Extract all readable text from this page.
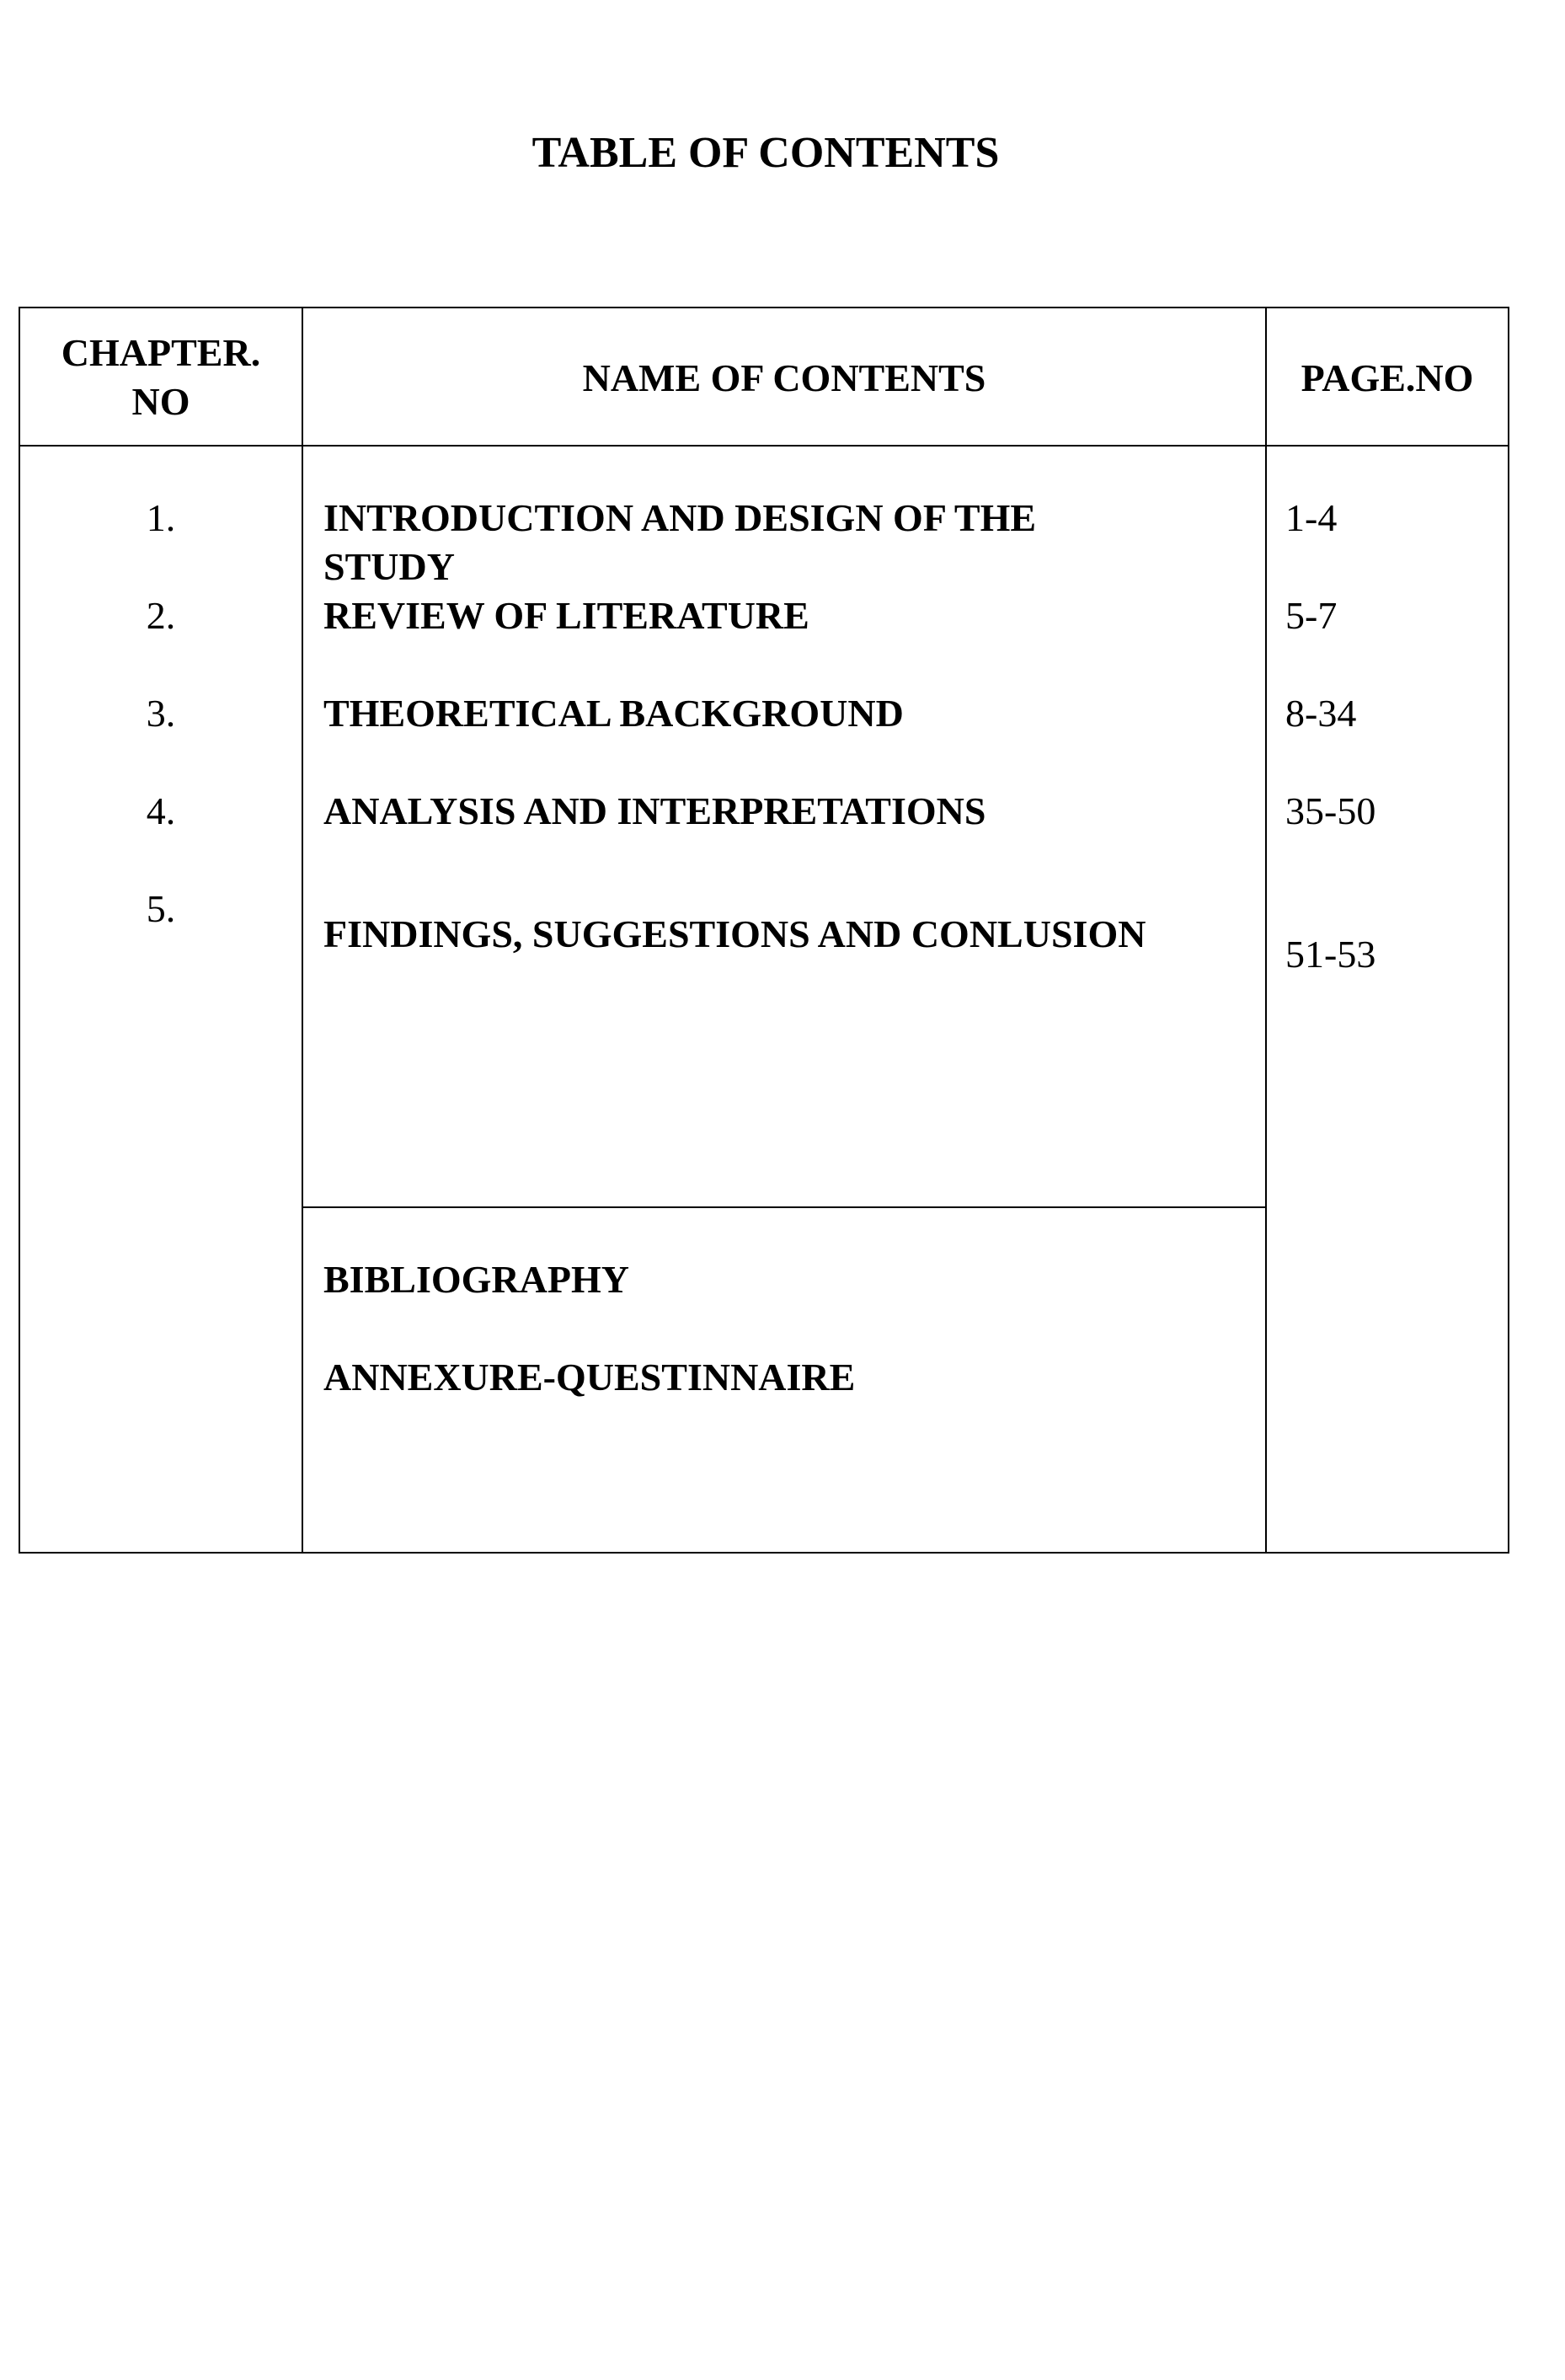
TABLE OF CONTENTS
CHAPTER.
NO
NAME OF CONTENTS	PAGE.NO
1.
2.
3.
4.
5.
INTRODUCTION AND DESIGN OF THE
STUDY
REVIEW OF LITERATURE
THEORETICAL BACKGROUND
ANALYSIS AND INTERPRETATIONS
FINDINGS, SUGGESTIONS AND CONLUSION
1-4
5-7
8-34
35-50
51-53
BIBLIOGRAPHY
ANNEXURE-QUESTINNAIRE
